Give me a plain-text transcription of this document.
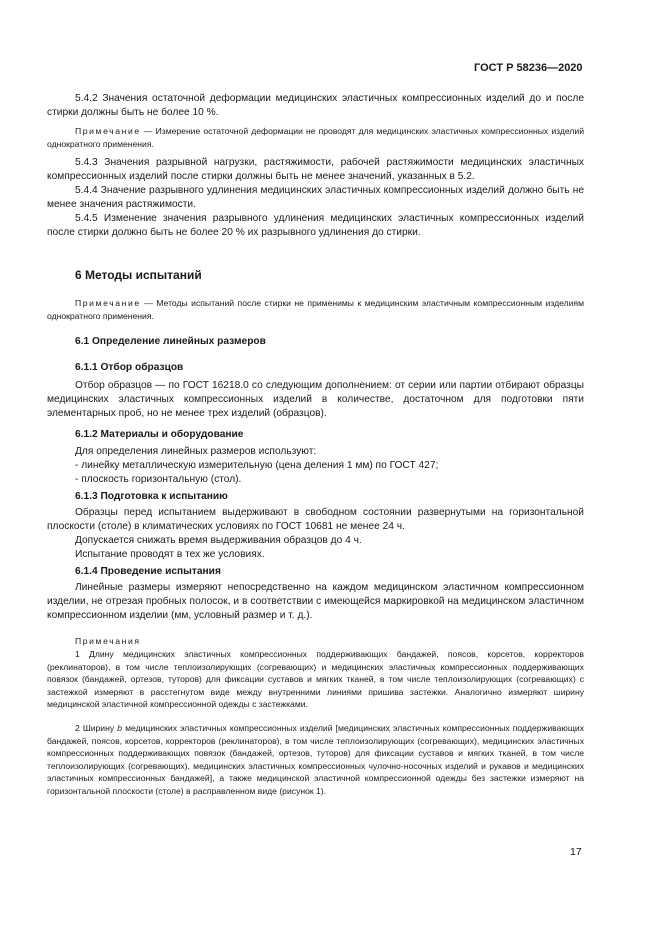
ГОСТ Р 58236—2020

5.4.2 Значения остаточной деформации медицинских эластичных компрессионных изделий до и после стирки должны быть не более 10 %.

Примечание — Измерение остаточной деформации не проводят для медицинских эластичных компрессионных изделий однократного применения.

5.4.3 Значения разрывной нагрузки, растяжимости, рабочей растяжимости медицинских эластичных компрессионных изделий после стирки должны быть не менее значений, указанных в 5.2.

5.4.4 Значение разрывного удлинения медицинских эластичных компрессионных изделий должно быть не менее значения растяжимости.

5.4.5 Изменение значения разрывного удлинения медицинских эластичных компрессионных изделий после стирки должно быть не более 20 % их разрывного удлинения до стирки.

6 Методы испытаний

Примечание — Методы испытаний после стирки не применимы к медицинским эластичным компрессионным изделиям однократного применения.

6.1 Определение линейных размеров
6.1.1 Отбор образцов

Отбор образцов — по ГОСТ 16218.0 со следующим дополнением: от серии или партии отбирают образцы медицинских эластичных компрессионных изделий в количестве, достаточном для подготовки пяти элементарных проб, но не менее трех изделий (образцов).

6.1.2 Материалы и оборудование
Для определения линейных размеров используют:
- линейку металлическую измерительную (цена деления 1 мм) по ГОСТ 427;
- плоскость горизонтальную (стол).
6.1.3 Подготовка к испытанию

Образцы перед испытанием выдерживают в свободном состоянии развернутыми на горизонтальной плоскости (столе) в климатических условиях по ГОСТ 10681 не менее 24 ч.

Допускается снижать время выдерживания образцов до 4 ч.
Испытание проводят в тех же условиях.
6.1.4 Проведение испытания

Линейные размеры измеряют непосредственно на каждом медицинском эластичном компрессионном изделии, не отрезая пробных полосок, и в соответствии с имеющейся маркировкой на медицинском эластичном компрессионном изделии (мм, условный размер и т. д.).

Примечания

1 Длину медицинских эластичных компрессионных поддерживающих бандажей, поясов, корсетов, корректоров (реклинаторов), в том числе теплоизолирующих (согревающих) и медицинских эластичных компрессионных поддерживающих повязок (бандажей, ортезов, туторов) для фиксации суставов и мягких тканей, в том числе теплоизолирующих (согревающих) с застежкой измеряют в расстегнутом виде между внутренними линиями пришива застежки. Аналогично измеряют ширину медицинской эластичной компрессионной одежды с застежками.

2 Ширину b медицинских эластичных компрессионных изделий [медицинских эластичных компрессионных поддерживающих бандажей, поясов, корсетов, корректоров (реклинаторов), в том числе теплоизолирующих (согревающих), медицинских эластичных компрессионных поддерживающих повязок (бандажей, ортезов, туторов) для фиксации суставов и мягких тканей, в том числе теплоизолирующих (согревающих), медицинских эластичных компрессионных чулочно-носочных изделий и рукавов и медицинских эластичных компрессионных бандажей], а также медицинской эластичной компрессионной одежды без застежки измеряют на горизонтальной плоскости (столе) в расправленном виде (рисунок 1).

17
